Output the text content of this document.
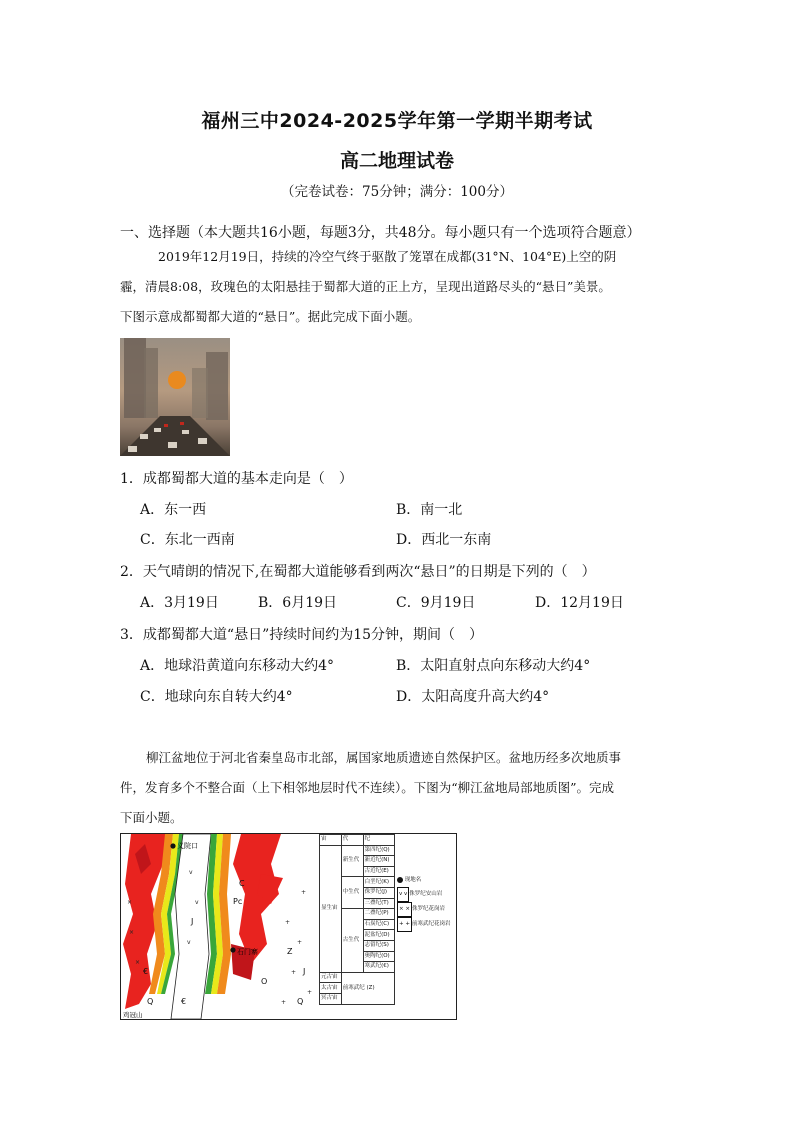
福州三中2024-2025学年第一学期半期考试
高二地理试卷
（完卷试卷：75分钟；满分：100分）
一、选择题（本大题共16小题，每题3分，共48分。每小题只有一个选项符合题意）
2019年12月19日，持续的冷空气终于驱散了笼罩在成都(31°N、104°E)上空的阴
霾，清晨8:08，玫瑰色的太阳悬挂于蜀都大道的正上方，呈现出道路尽头的“悬日”美景。
下图示意成都蜀都大道的“悬日”。据此完成下面小题。
1．成都蜀都大道的基本走向是（　）
A．东一西	B．南一北
C．东北一西南	D．西北一东南
2．天气晴朗的情况下,在蜀都大道能够看到两次“悬日”的日期是下列的（　）
A．3月19日	B．6月19日	C．9月19日	D．12月19日
3．成都蜀都大道“悬日”持续时间约为15分钟，期间（　）
A．地球沿黄道向东移动大约4°	B．太阳直射点向东移动大约4°
C．地球向东自转大约4°	D．太阳高度升高大约4°
柳江盆地位于河北省秦皇岛市北部，属国家地质遗迹自然保护区。盆地历经多次地质事
件，发育多个不整合面（上下相邻地层时代不连续）。下图为“柳江盆地局部地质图”。完成
下面小题。
×
×
×
v
v
v
+
+
+
+
+
+
€
Q
J
Pc
Z
O
C
€
J
Q
义院口
石门寨
鸡冠山
宙	代	纪
显生宙	新生代	第四纪(Q)
		新近纪(N)
		古近纪(E)
	中生代	白垩纪(K)
		侏罗纪(J)
		三叠纪(T)
	古生代	二叠纪(P)
		石炭纪(C)
		泥盆纪(D)
		志留纪(S)
		奥陶纪(O)
		寒武纪(€)
元古宙	前寒武纪 (Z)	
太古宙		
冥古宙		
现地名
v v 侏罗纪安山岩
× × 侏罗纪花岗岩
+ + 前寒武纪花岗岩
